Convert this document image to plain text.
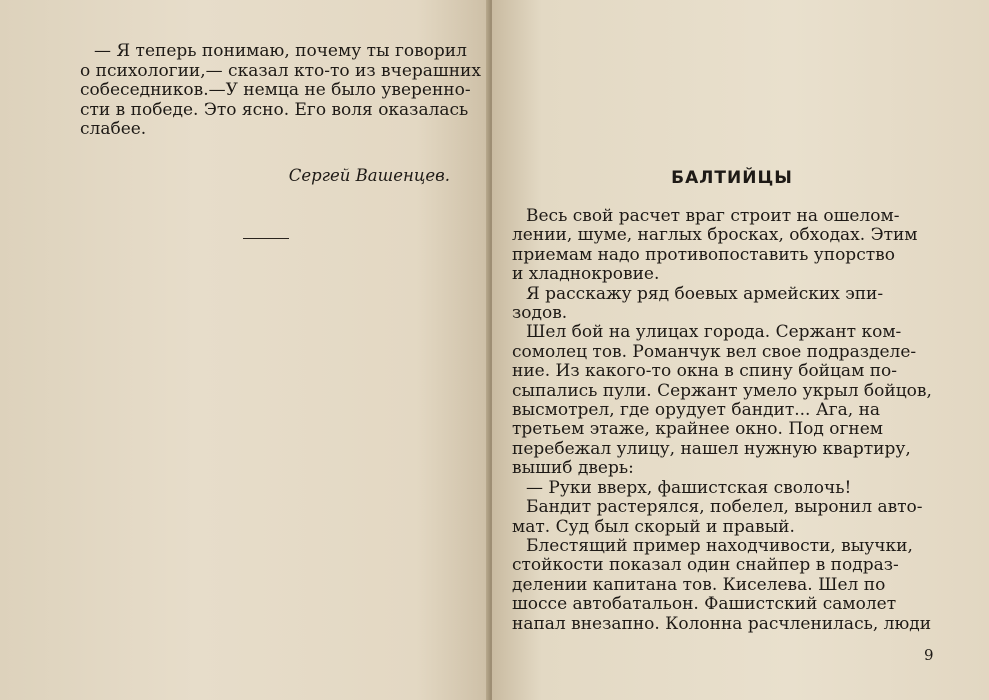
— Я теперь понимаю, почему ты говорил

о психологии,— сказал кто-то из вчерашних
собеседников.—У немца не было уверенно-
сти в победе. Это ясно. Его воля оказалась
слабее.
Сергей Вашенцев.	БАЛТИЙЦЫ

Весь свой расчет враг строит на ошелом-
лении, шуме, наглых бросках, обходах. Этим
приемам надо противопоставить упорство
и хладнокровие.

Я расскажу ряд боевых армейских эпи-
зодов.

Шел бой на улицах города. Сержант ком-
сомолец тов. Романчук вел свое подразделе-
ние. Из какого-то окна в спину бойцам по-
сыпались пули. Сержант умело укрыл бойцов,
высмотрел, где орудует бандит... Ага, на
третьем этаже, крайнее окно. Под огнем
перебежал улицу, нашел нужную квартиру,
вышиб дверь:

— Руки вверх, фашистская сволочь!

Бандит растерялся, побелел, выронил авто-
мат. Суд был скорый и правый.

Блестящий пример находчивости, выучки,
стойкости показал один снайпер в подраз-
делении капитана тов. Киселева. Шел по
шоссе автобатальон. Фашистский самолет
напал внезапно. Колонна расчленилась, люди

9
